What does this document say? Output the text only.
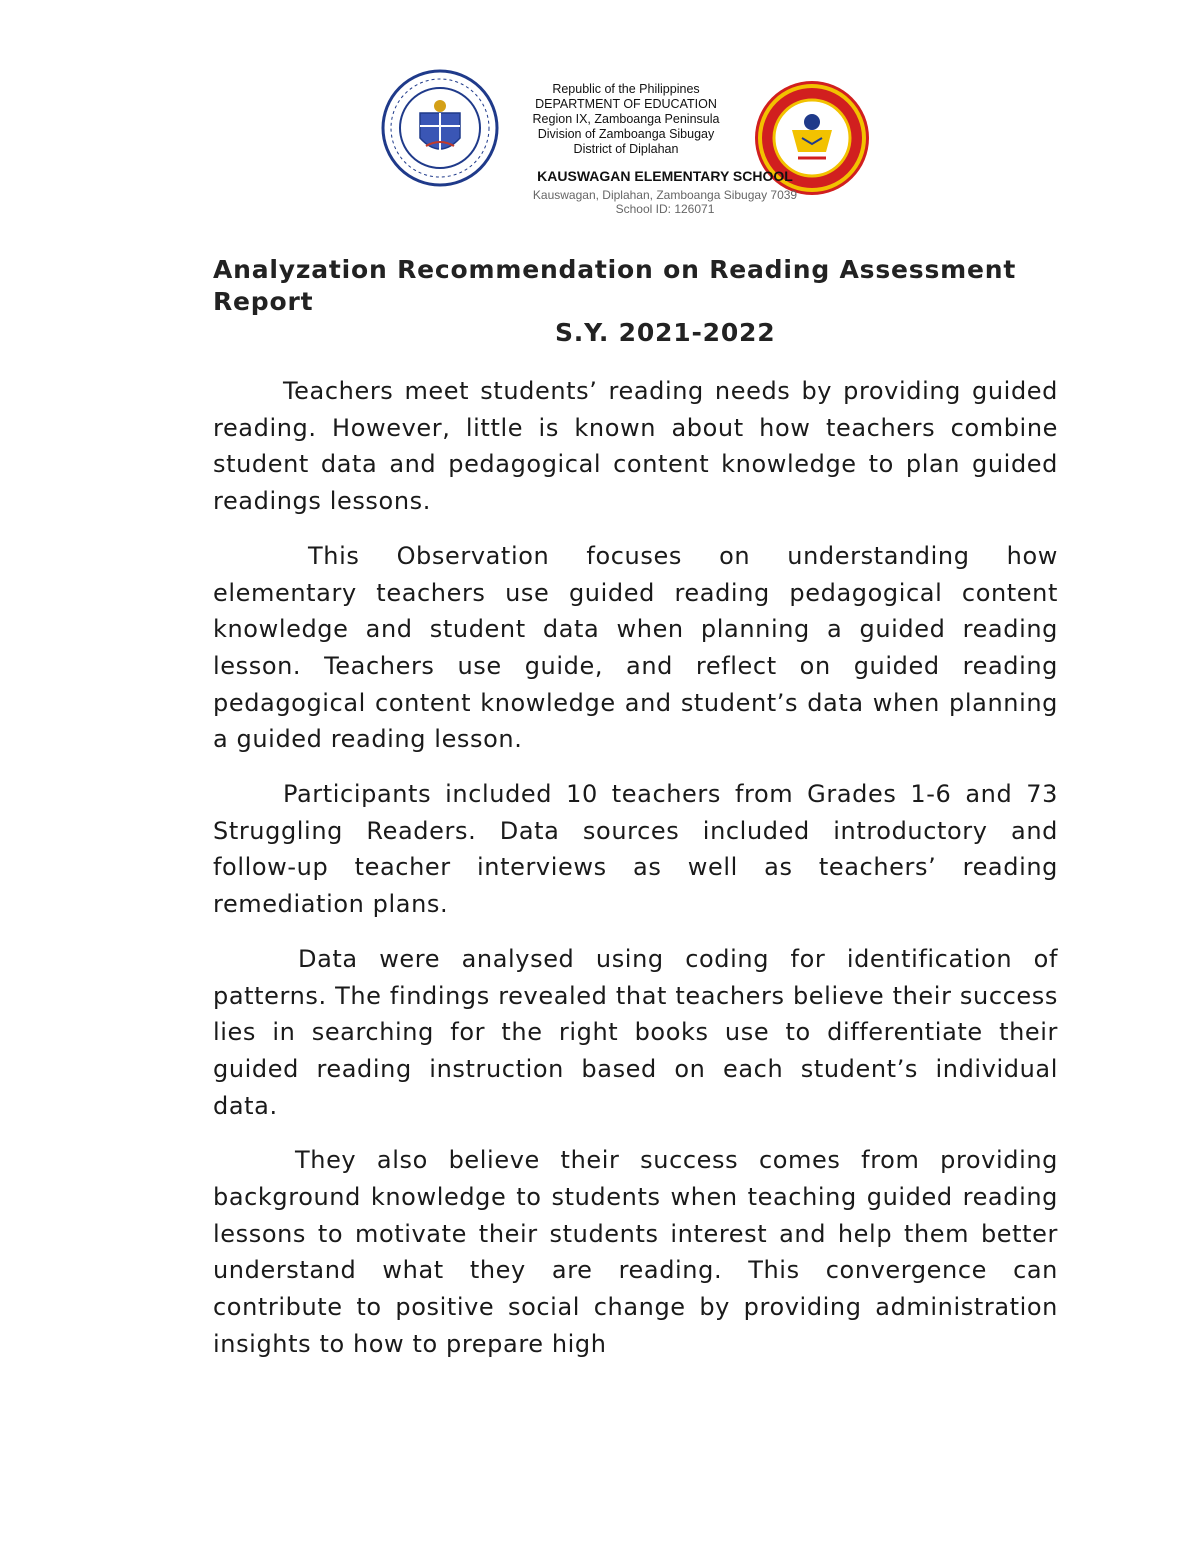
Republic of the Philippines
DEPARTMENT OF EDUCATION
Region IX, Zamboanga Peninsula
Division of Zamboanga Sibugay
District of Diplahan
KAUSWAGAN ELEMENTARY SCHOOL
Kauswagan, Diplahan, Zamboanga Sibugay 7039
School ID: 126071
Analyzation Recommendation on Reading Assessment Report
S.Y. 2021-2022

Teachers meet students’ reading needs by providing guided reading. However, little is known about how teachers combine student data and pedagogical content knowledge to plan guided readings lessons.

This Observation focuses on understanding how elementary teachers use guided reading pedagogical content knowledge and student data when planning a guided reading lesson. Teachers use guide, and reflect on guided reading pedagogical content knowledge and student’s data when planning a guided reading lesson.

Participants included 10 teachers from Grades 1-6 and 73 Struggling Readers. Data sources included introductory and follow-up teacher interviews as well as teachers’ reading remediation plans.

Data were analysed using coding for identification of patterns. The findings revealed that teachers believe their success lies in searching for the right books use to differentiate their guided reading instruction based on each student’s individual data.

They also believe their success comes from providing background knowledge to students when teaching guided reading lessons to motivate their students interest and help them better understand what they are reading. This convergence can contribute to positive social change by providing administration insights to how to prepare high
